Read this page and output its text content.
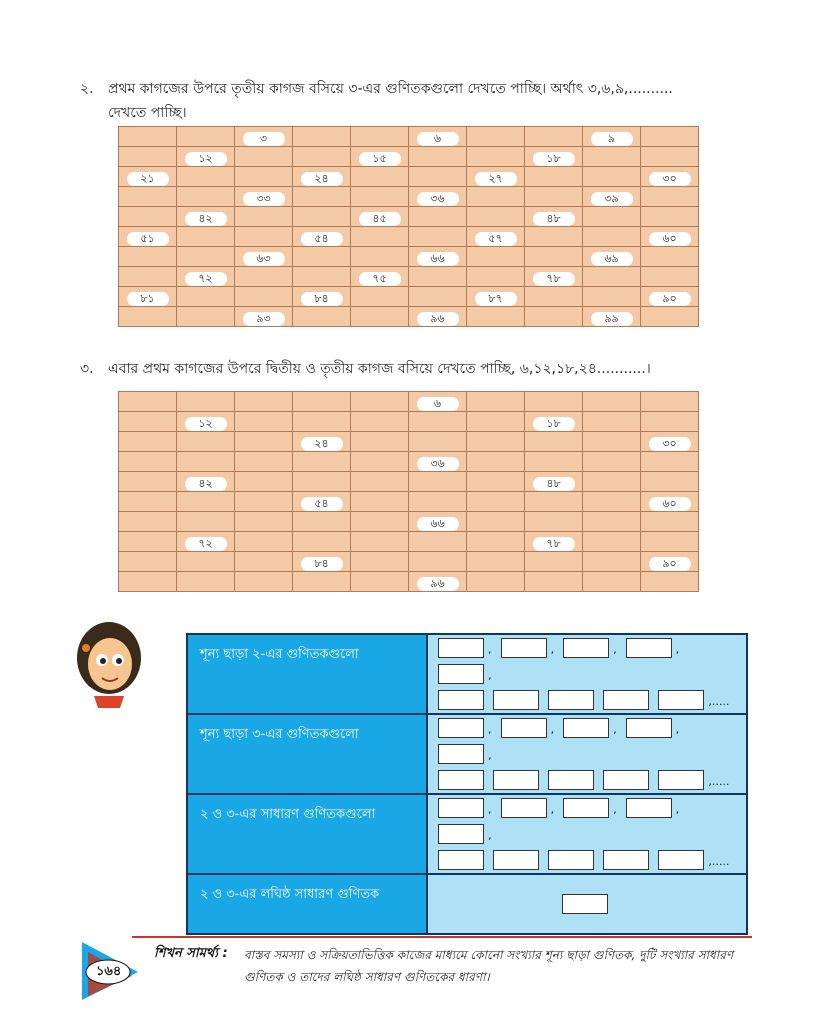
২. প্রথম কাগজের উপরে তৃতীয় কাগজ বসিয়ে ৩-এর গুণিতকগুলো দেখতে পাচ্ছি। অর্থাৎ ৩,৬,৯,..........
দেখতে পাচ্ছি।
		৩			৬			৯	
	১২			১৫			১৮		
২১			২৪			২৭			৩০
		৩৩			৩৬			৩৯	
	৪২			৪৫			৪৮		
৫১			৫৪			৫৭			৬০
		৬৩			৬৬			৬৯	
	৭২			৭৫			৭৮		
৮১			৮৪			৮৭			৯০
		৯৩			৯৬			৯৯	
৩. এবার প্রথম কাগজের উপরে দ্বিতীয় ও তৃতীয় কাগজ বসিয়ে দেখতে পাচ্ছি, ৬,১২,১৮,২৪...........।
					৬				
	১২						১৮		
			২৪						৩০
					৩৬				
	৪২						৪৮		
			৫৪						৬০
					৬৬				
	৭২						৭৮		
			৮৪						৯০
					৯৬				
শূন্য ছাড়া ২-এর গুণিতকগুলো	, , , , ,
,.....

শূন্য ছাড়া ৩-এর গুণিতকগুলো	, , , , ,
,.....

২ ও ৩-এর সাধারণ গুণিতকগুলো	, , , , ,
,.....

২ ও ৩-এর লঘিষ্ঠ সাধারণ গুণিতক	
১৬৪
শিখন সামর্থ্য : বাস্তব সমস্যা ও সক্রিয়তাভিত্তিক কাজের মাধ্যমে কোনো সংখ্যার শূন্য ছাড়া গুণিতক, দুটি সংখ্যার সাধারণ গুণিতক ও তাদের লঘিষ্ঠ সাধারণ গুণিতকের ধারণা।
